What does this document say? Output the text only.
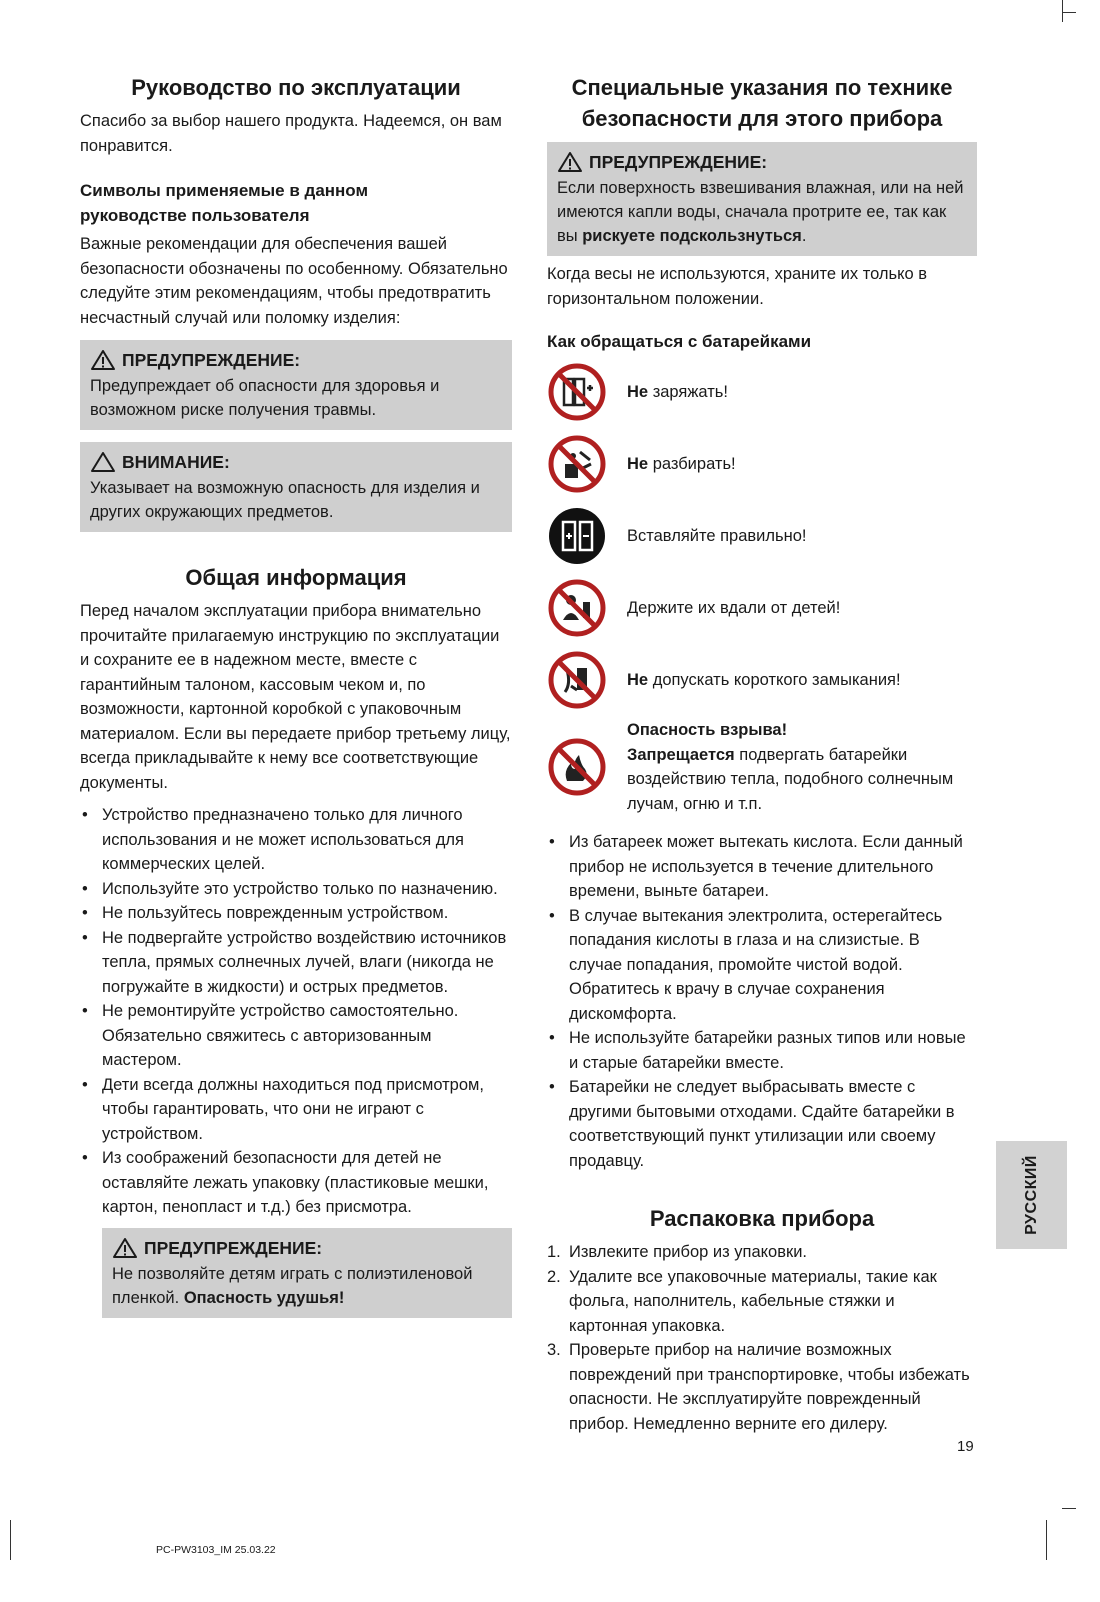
Руководство по эксплуатации

Спасибо за выбор нашего продукта. Надеемся, он вам понравится.

Символы применяемые в данном руководстве пользователя

Важные рекомендации для обеспечения вашей безопасности обозначены по особенному. Обязательно следуйте этим рекомендациям, чтобы предотвратить несчастный случай или поломку изделия:

ПРЕДУПРЕЖДЕНИЕ:
Предупреждает об опасности для здоровья и возможном риске получения травмы.
ВНИМАНИЕ:
Указывает на возможную опасность для изделия и других окружающих предметов.
Общая информация

Перед началом эксплуатации прибора внимательно прочитайте прилагаемую инструкцию по эксплуатации и сохраните ее в надежном месте, вместе с гарантийным талоном, кассовым чеком и, по возможности, картонной коробкой с упаковочным материалом. Если вы передаете прибор третьему лицу, всегда прикладывайте к нему все соответствующие документы.

• Устройство предназначено только для личного использования и не может использоваться для коммерческих целей.
• Используйте это устройство только по назначению.
• Не пользуйтесь поврежденным устройством.
• Не подвергайте устройство воздействию источников тепла, прямых солнечных лучей, влаги (никогда не погружайте в жидкости) и острых предметов.
• Не ремонтируйте устройство самостоятельно. Обязательно свяжитесь с авторизованным мастером.
• Дети всегда должны находиться под присмотром, чтобы гарантировать, что они не играют с устройством.
• Из соображений безопасности для детей не оставляйте лежать упаковку (пластиковые мешки, картон, пенопласт и т.д.) без присмотра.
ПРЕДУПРЕЖДЕНИЕ:
Не позволяйте детям играть с полиэтиленовой пленкой. Опасность удушья!
Специальные указания по технике безопасности для этого прибора
ПРЕДУПРЕЖДЕНИЕ:
Если поверхность взвешивания влажная, или на ней имеются капли воды, сначала протрите ее, так как вы рискуете подскользнуться.

Когда весы не используются, храните их только в горизонтальном положении.

Как обращаться с батарейками
Не заряжать!
Не разбирать!
Вставляйте правильно!
Держите их вдали от детей!
Не допускать короткого замыкания!
Опасность взрыва!
Запрещается подвергать батарейки воздействию тепла, подобного солнечным лучам, огню и т.п.
• Из батареек может вытекать кислота. Если данный прибор не используется в течение длительного времени, выньте батареи.
• В случае вытекания электролита, остерегайтесь попадания кислоты в глаза и на слизистые. В случае попадания, промойте чистой водой. Обратитесь к врачу в случае сохранения дискомфорта.
• Не используйте батарейки разных типов или новые и старые батарейки вместе.
• Батарейки не следует выбрасывать вместе с другими бытовыми отходами. Сдайте батарейки в соответствующий пункт утилизации или своему продавцу.
Распаковка прибора
1. Извлеките прибор из упаковки.
2. Удалите все упаковочные материалы, такие как фольга, наполнитель, кабельные стяжки и картонная упаковка.
3. Проверьте прибор на наличие возможных повреждений при транспортировке, чтобы избежать опасности. Не эксплуатируйте поврежденный прибор. Немедленно верните его дилеру.
РУССКИЙ
19
PC-PW3103_IM 25.03.22
